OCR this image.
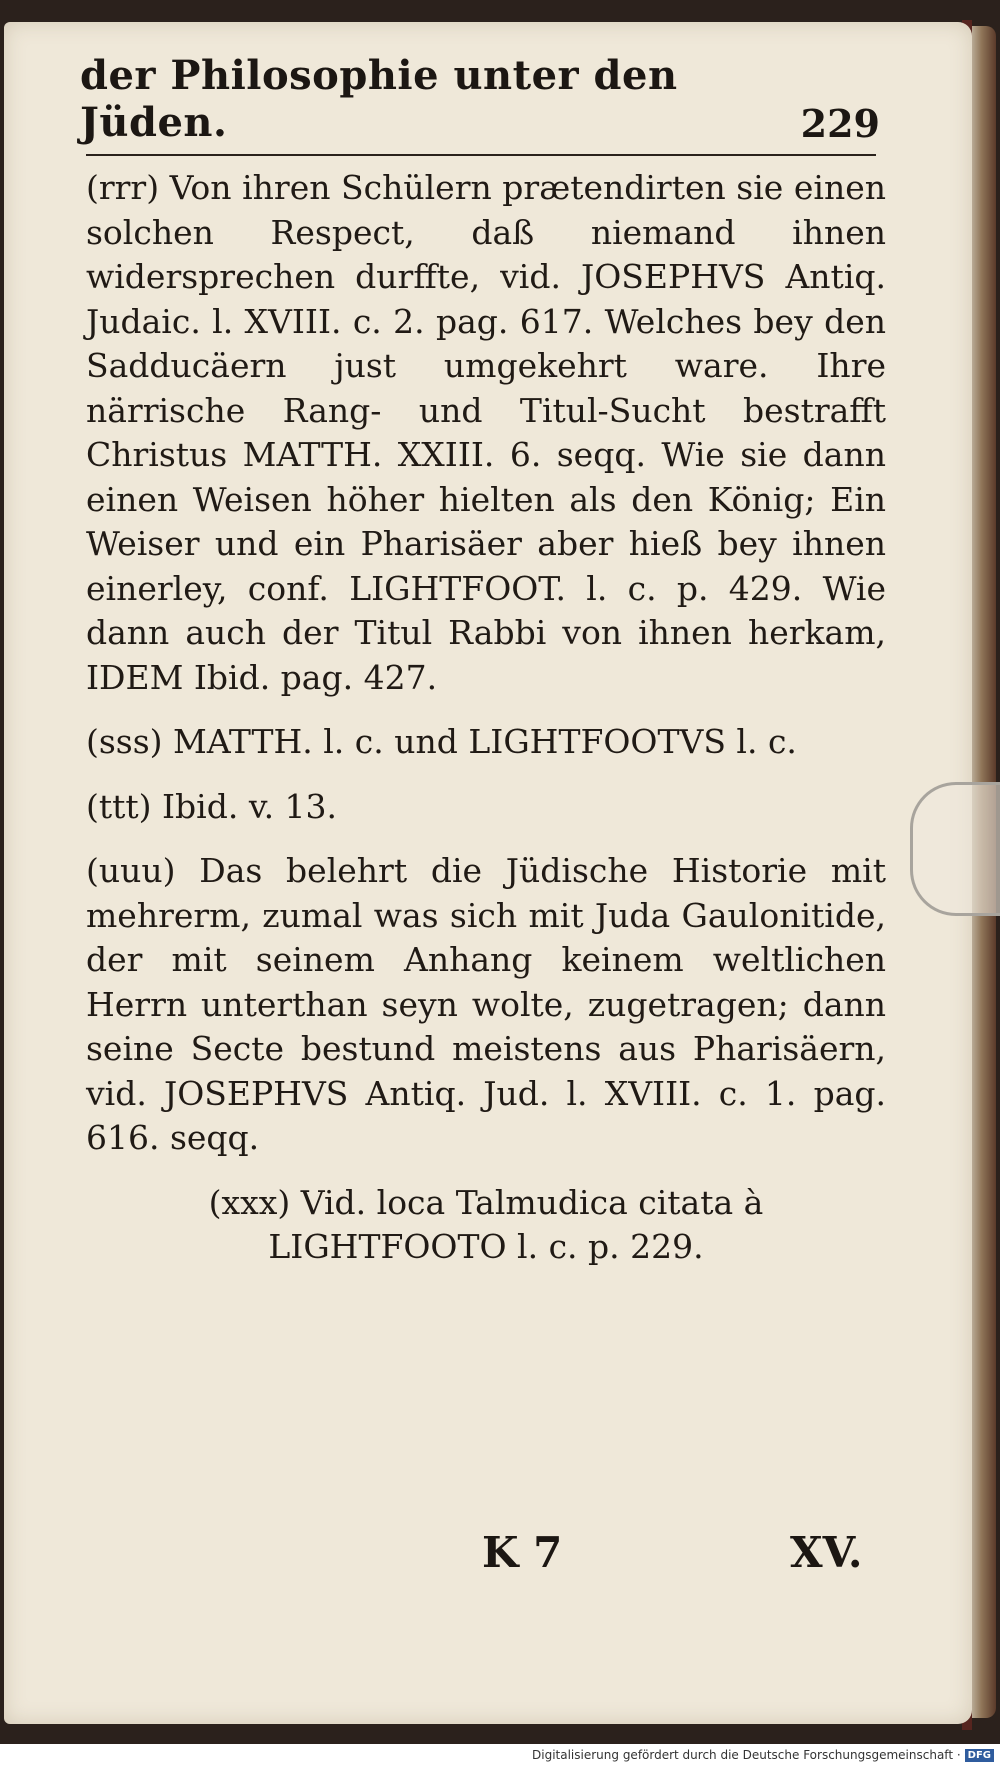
der Philosophie unter den Jüden.	229

(rrr) Von ihren Schülern prætendirten sie einen solchen Respect, daß niemand ihnen widersprechen durffte, vid. JOSEPHVS Antiq. Judaic. l. XVIII. c. 2. pag. 617. Welches bey den Sadducäern just umgekehrt ware. Ihre närrische Rang- und Titul-Sucht bestrafft Christus MATTH. XXIII. 6. seqq. Wie sie dann einen Weisen höher hielten als den König; Ein Weiser und ein Pharisäer aber hieß bey ihnen einerley, conf. LIGHTFOOT. l. c. p. 429. Wie dann auch der Titul Rabbi von ihnen herkam, IDEM Ibid. pag. 427.

(sss) MATTH. l. c. und LIGHTFOOTVS l. c.

(ttt) Ibid. v. 13.

(uuu) Das belehrt die Jüdische Historie mit mehrerm, zumal was sich mit Juda Gaulonitide, der mit seinem Anhang keinem weltlichen Herrn unterthan seyn wolte, zugetragen; dann seine Secte bestund meistens aus Pharisäern, vid. JOSEPHVS Antiq. Jud. l. XVIII. c. 1. pag. 616. seqq.

(xxx) Vid. loca Talmudica citata à LIGHTFOOTO l. c. p. 229.

K 7	XV.
Digitalisierung gefördert durch die Deutsche Forschungsgemeinschaft · DFG
